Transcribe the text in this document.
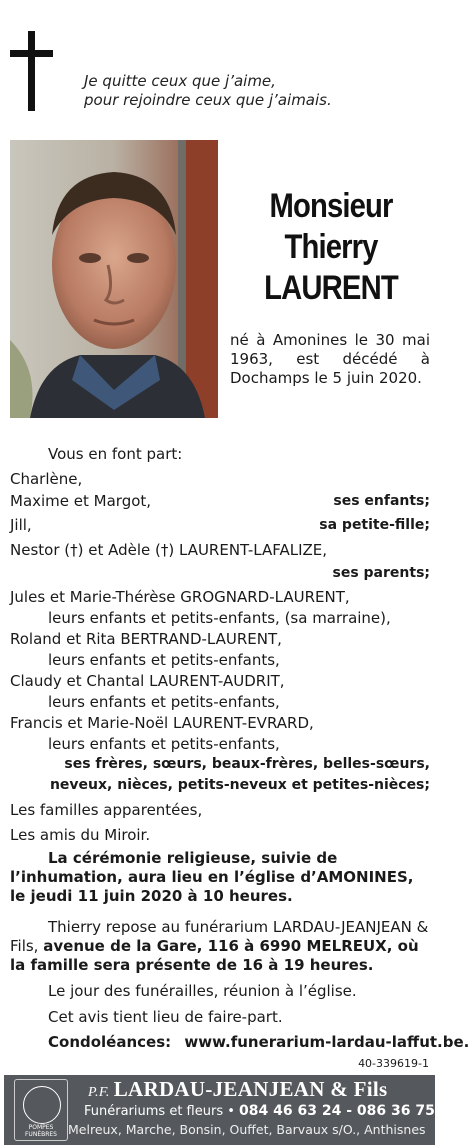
Je quitte ceux que j’aime,
pour rejoindre ceux que j’aimais.
Monsieur
Thierry
LAURENT
né à Amonines le 30 mai 1963, est décédé à Dochamps le 5 juin 2020.
Vous en font part:
Charlène,
Maxime et Margot,	ses enfants;
Jill,	sa petite-fille;
Nestor (†) et Adèle (†) LAURENT-LAFALIZE,
ses parents;
Jules et Marie-Thérèse GROGNARD-LAURENT,
leurs enfants et petits-enfants, (sa marraine),
Roland et Rita BERTRAND-LAURENT,
leurs enfants et petits-enfants,
Claudy et Chantal LAURENT-AUDRIT,
leurs enfants et petits-enfants,
Francis et Marie-Noël LAURENT-EVRARD,
leurs enfants et petits-enfants,
ses frères, sœurs, beaux-frères, belles-sœurs,
neveux, nièces, petits-neveux et petites-nièces;
Les familles apparentées,
Les amis du Miroir.
La cérémonie religieuse, suivie de l’inhumation, aura lieu en l’église d’AMONINES, le jeudi 11 juin 2020 à 10 heures.
Thierry repose au funérarium LARDAU-JEANJEAN & Fils, avenue de la Gare, 116 à 6990 MELREUX, où la famille sera présente de 16 à 19 heures.
Le jour des funérailles, réunion à l’église.
Cet avis tient lieu de faire-part.
Condoléances: www.funerarium-lardau-laffut.be.
40-339619-1
POMPES FUNÈBRES
P.F. LARDAU-JEANJEAN & Fils
Funérariums et fleurs • 084 46 63 24 - 086 36 75 82
Melreux, Marche, Bonsin, Ouffet, Barvaux s/O., Anthisnes
